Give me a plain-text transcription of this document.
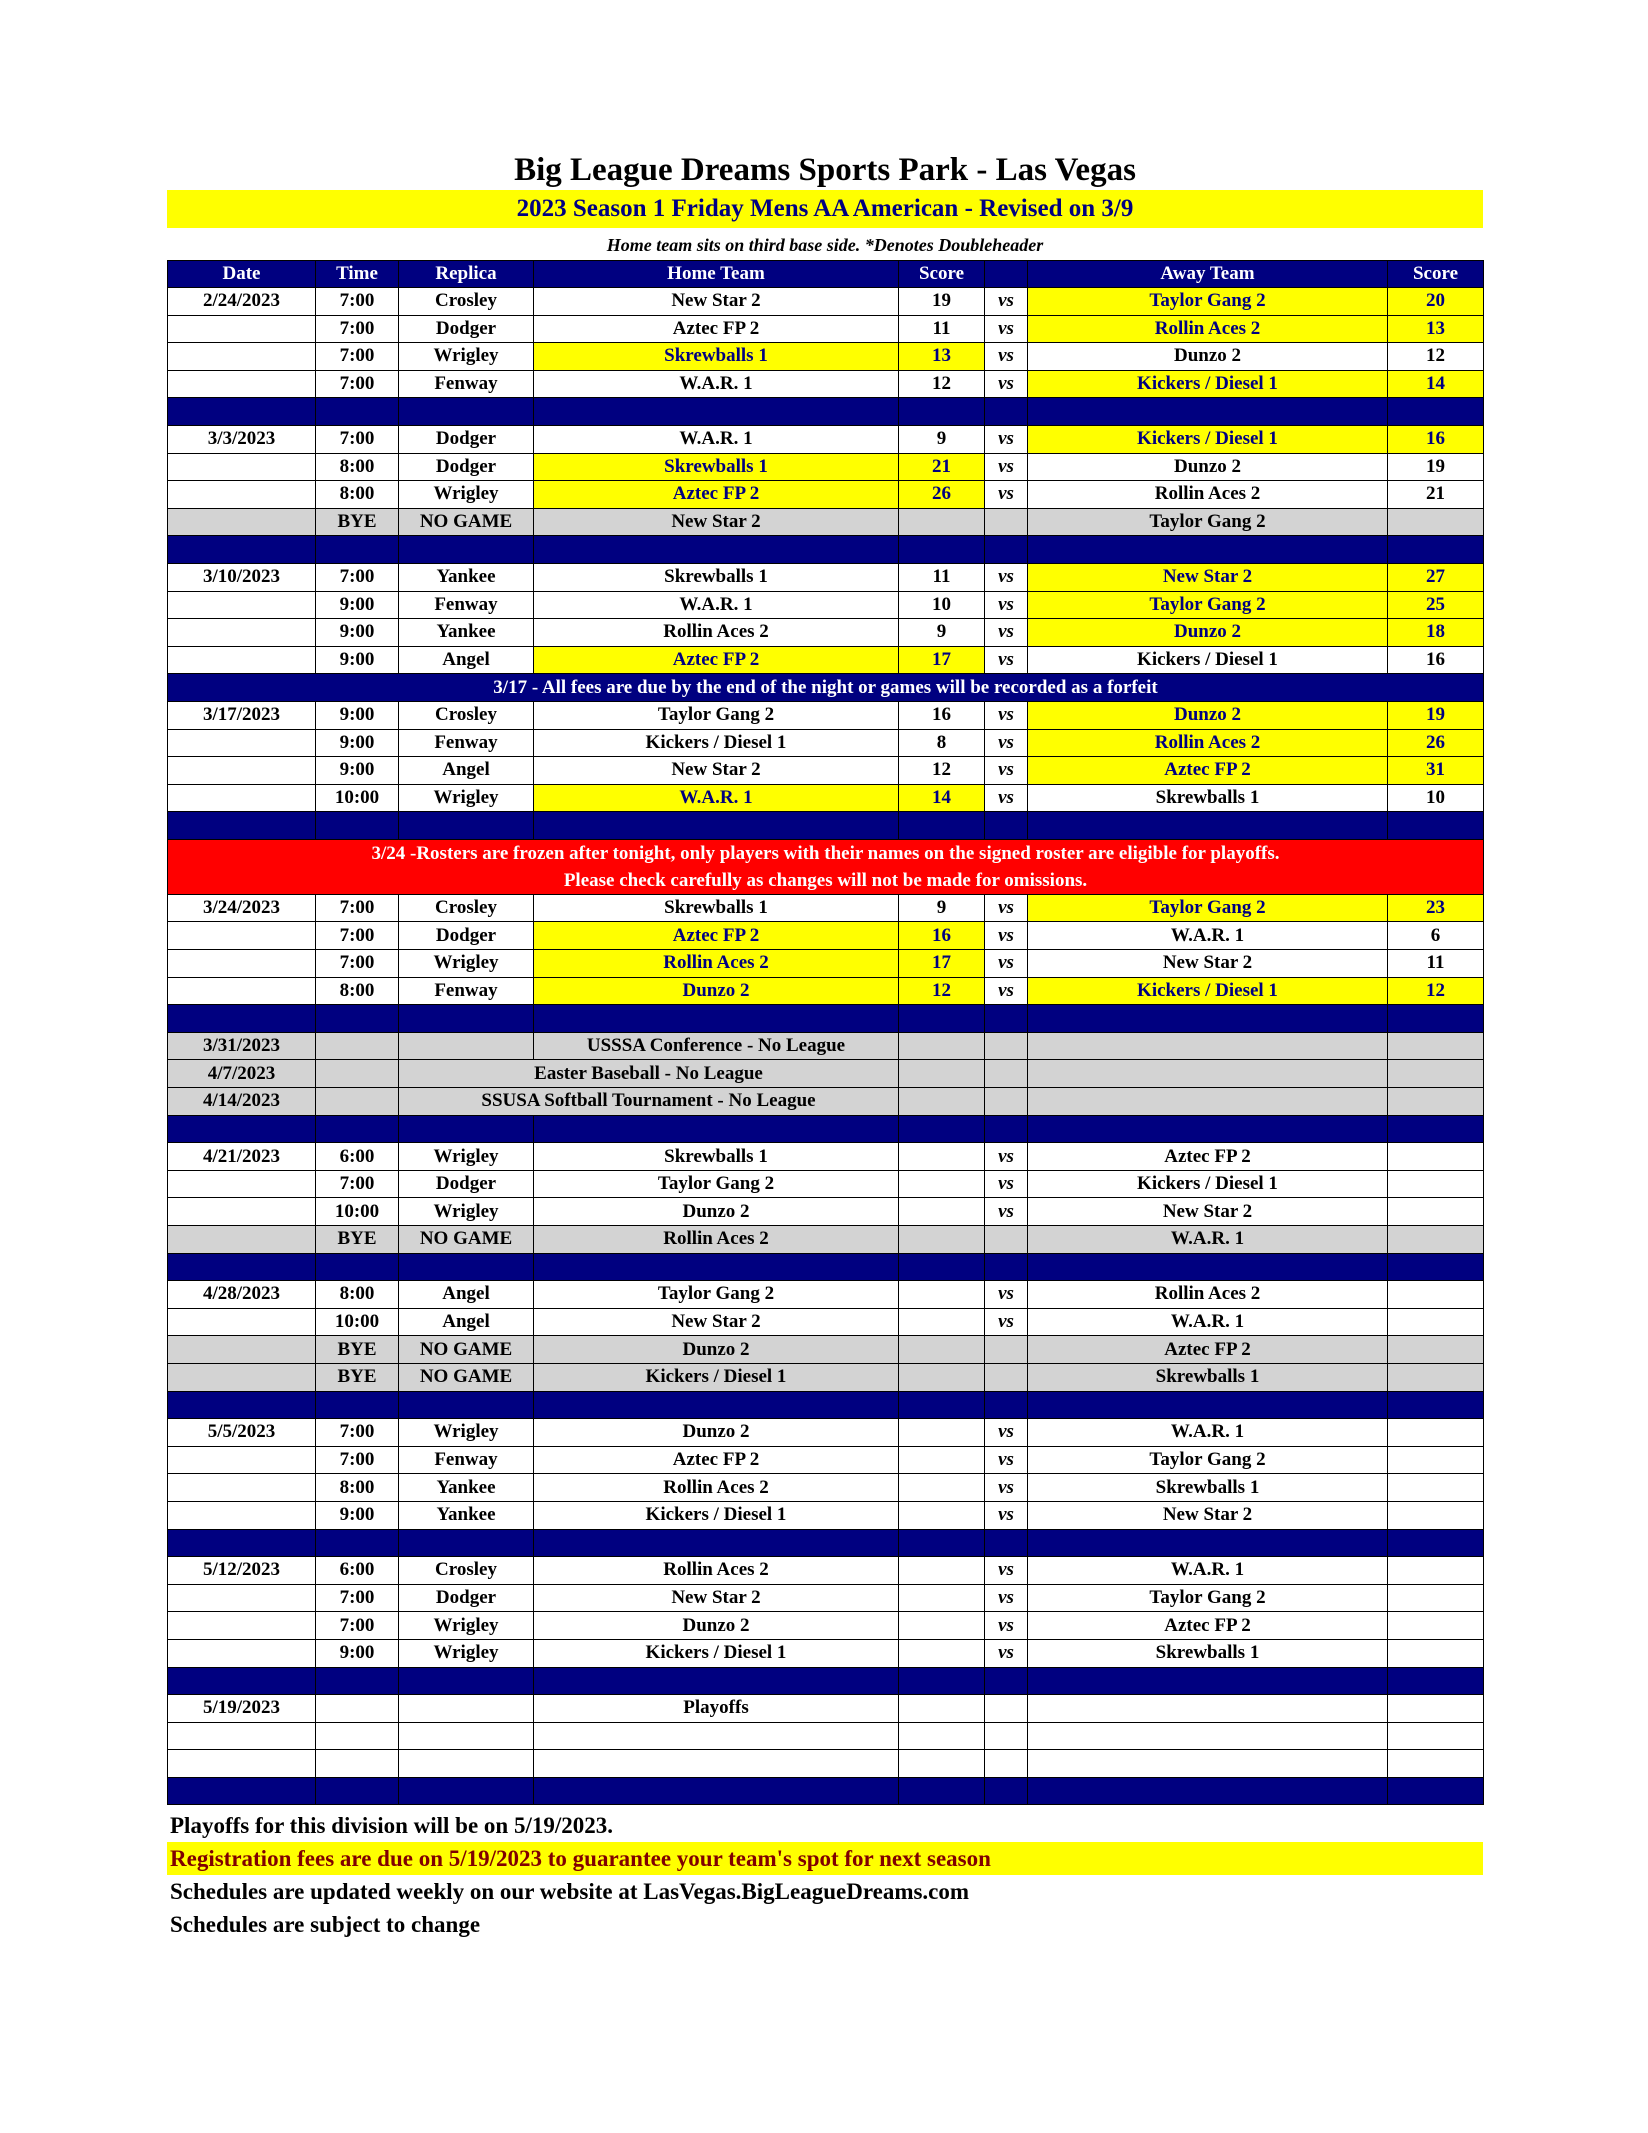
Big League Dreams Sports Park - Las Vegas
2023 Season 1 Friday Mens AA American - Revised on 3/9
Home team sits on third base side. *Denotes Doubleheader
Date	Time	Replica	Home Team	Score		Away Team	Score
2/24/2023	7:00	Crosley	New Star 2	19	vs	Taylor Gang 2	20
	7:00	Dodger	Aztec FP 2	11	vs	Rollin Aces 2	13
	7:00	Wrigley	Skrewballs 1	13	vs	Dunzo 2	12
	7:00	Fenway	W.A.R. 1	12	vs	Kickers / Diesel 1	14

3/3/2023	7:00	Dodger	W.A.R. 1	9	vs	Kickers / Diesel 1	16
	8:00	Dodger	Skrewballs 1	21	vs	Dunzo 2	19
	8:00	Wrigley	Aztec FP 2	26	vs	Rollin Aces 2	21
	BYE	NO GAME	New Star 2			Taylor Gang 2	

3/10/2023	7:00	Yankee	Skrewballs 1	11	vs	New Star 2	27
	9:00	Fenway	W.A.R. 1	10	vs	Taylor Gang 2	25
	9:00	Yankee	Rollin Aces 2	9	vs	Dunzo 2	18
	9:00	Angel	Aztec FP 2	17	vs	Kickers / Diesel 1	16
3/17 - All fees are due by the end of the night or games will be recorded as a forfeit							
3/17/2023	9:00	Crosley	Taylor Gang 2	16	vs	Dunzo 2	19
	9:00	Fenway	Kickers / Diesel 1	8	vs	Rollin Aces 2	26
	9:00	Angel	New Star 2	12	vs	Aztec FP 2	31
	10:00	Wrigley	W.A.R. 1	14	vs	Skrewballs 1	10

3/24 -Rosters are frozen after tonight, only players with their names on the signed roster are eligible for playoffs.
Please check carefully as changes will not be made for omissions.							

3/24/2023	7:00	Crosley	Skrewballs 1	9	vs	Taylor Gang 2	23
	7:00	Dodger	Aztec FP 2	16	vs	W.A.R. 1	6
	7:00	Wrigley	Rollin Aces 2	17	vs	New Star 2	11
	8:00	Fenway	Dunzo 2	12	vs	Kickers / Diesel 1	12

3/31/2023			USSSA Conference - No League				
4/7/2023		Easter Baseball - No League					
4/14/2023		SSUSA Softball Tournament - No League					

4/21/2023	6:00	Wrigley	Skrewballs 1		vs	Aztec FP 2	
	7:00	Dodger	Taylor Gang 2		vs	Kickers / Diesel 1	
	10:00	Wrigley	Dunzo 2		vs	New Star 2	
	BYE	NO GAME	Rollin Aces 2			W.A.R. 1	

4/28/2023	8:00	Angel	Taylor Gang 2		vs	Rollin Aces 2	
	10:00	Angel	New Star 2		vs	W.A.R. 1	
	BYE	NO GAME	Dunzo 2			Aztec FP 2	
	BYE	NO GAME	Kickers / Diesel 1			Skrewballs 1	

5/5/2023	7:00	Wrigley	Dunzo 2		vs	W.A.R. 1	
	7:00	Fenway	Aztec FP 2		vs	Taylor Gang 2	
	8:00	Yankee	Rollin Aces 2		vs	Skrewballs 1	
	9:00	Yankee	Kickers / Diesel 1		vs	New Star 2	

5/12/2023	6:00	Crosley	Rollin Aces 2		vs	W.A.R. 1	
	7:00	Dodger	New Star 2		vs	Taylor Gang 2	
	7:00	Wrigley	Dunzo 2		vs	Aztec FP 2	
	9:00	Wrigley	Kickers / Diesel 1		vs	Skrewballs 1	

5/19/2023			Playoffs				

Playoffs for this division will be on 5/19/2023.
Registration fees are due on 5/19/2023 to guarantee your team's spot for next season
Schedules are updated weekly on our website at LasVegas.BigLeagueDreams.com
Schedules are subject to change
